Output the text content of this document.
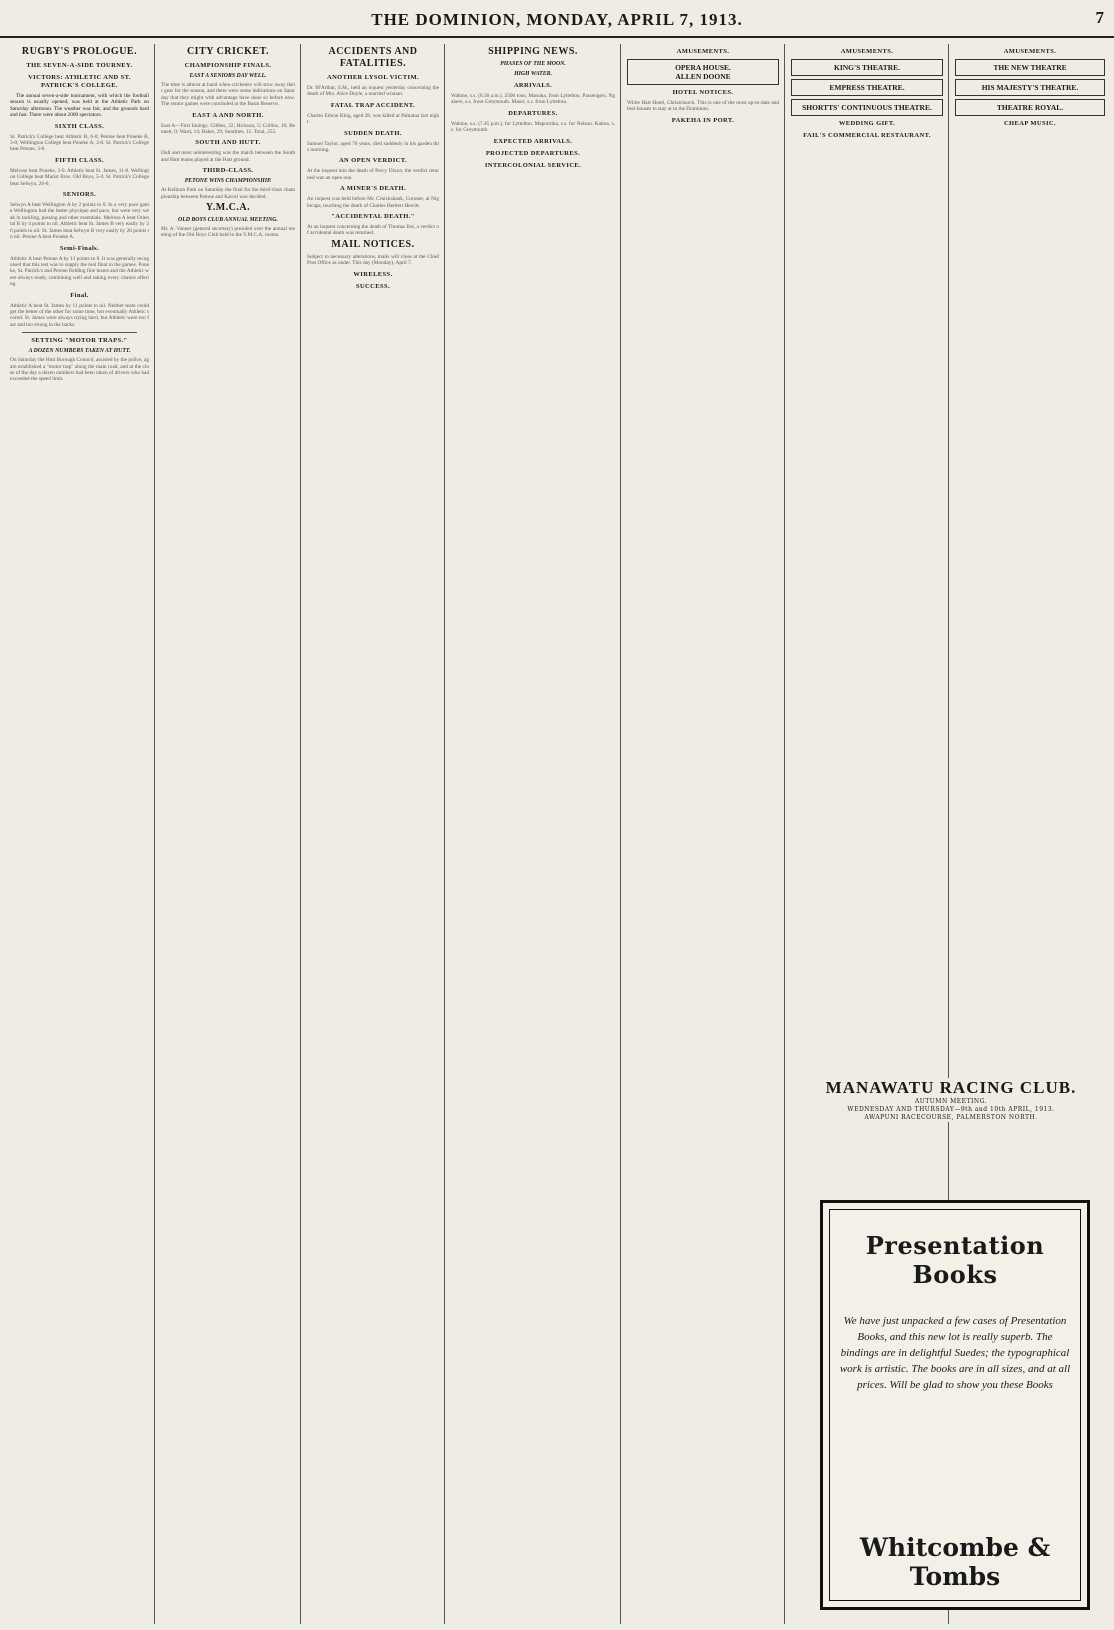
THE DOMINION, MONDAY, APRIL 7, 1913.	7
RUGBY'S PROLOGUE.
THE SEVEN-A-SIDE TOURNEY.
VICTORS: ATHLETIC AND ST. PATRICK'S COLLEGE.

The annual seven-a-side tournament, with which the football season is usually opened, was held at the Athletic Park on Saturday afternoon. The weather was fair, and the grounds hard and fast. There were about 2000 spectators.

SIXTH CLASS.
St. Patrick's College beat Athletic B, 6-0; Petone beat Poneke B, 3-0; Wellington College beat Poneke A, 3-0. St. Patrick's College beat Petone, 3-0.
FIFTH CLASS.
Melrose beat Poneke, 3-0. Athletic beat St. James, 11-0. Wellington College beat Marist Bros. Old Boys, 5-4. St. Patrick's College beat Selwyn, 26-0.
SENIORS.
Selwyn A beat Wellington A by 2 points to 0. In a very poor game Wellington had the better physique and pace, but were very weak in tackling, passing and other essentials. Melrose A beat Oriental B by 4 points to nil. Athletic beat St. James B very easily by 26 points to nil. St. James beat Selwyn B very easily by 26 points to nil. Petone A beat Poneke A.
Semi-Finals.
Athletic A beat Petone A by 11 points to 0. It was generally recognised that this test was to supply the real final in the games. Poneke, St. Patrick's and Petone fielding fine teams and the Athletic were always ready, combining well and taking every chance offering.
Final.
Athletic A beat St. James by 11 points to nil. Neither team could get the better of the other for some time, but eventually Athletic scored. St. James were always trying hard, but Athletic were too fast and too strong in the backs.
SETTING "MOTOR TRAPS."
A DOZEN NUMBERS TAKEN AT HUTT.
On Saturday the Hutt Borough Council, assisted by the police, again established a "motor trap" along the main road, and at the close of the day a dozen numbers had been taken of drivers who had exceeded the speed limit.
CITY CRICKET.
CHAMPIONSHIP FINALS.
EAST A SENIORS DAY WELL.
The time is almost at hand when cricketers will stow away their gear for the season, and there were some indications on Saturday that they might with advantage have done so before now. The senior games were concluded at the Basin Reserve.
EAST A AND NORTH.
East A—First Innings. Gibbes, 32; Hickson, 5; Collins, 18; Bennett, 0; Ward, 14; Baker, 29; Sundries, 11. Total, 255.
SOUTH AND HUTT.
Dull and most uninteresting was the match between the South and Hutt teams played at the Hutt ground.
THIRD-CLASS.
PETONE WINS CHAMPIONSHIP.
At Kelburn Park on Saturday the final for the third-class championship between Petone and Karori was decided.
Y.M.C.A.
OLD BOYS CLUB ANNUAL MEETING.
Mr. A. Vanner (general secretary) presided over the annual meeting of the Old Boys Club held in the Y.M.C.A. rooms.
ACCIDENTS AND FATALITIES.
ANOTHER LYSOL VICTIM.
Dr. M'Arthur, S.M., held an inquest yesterday concerning the death of Mrs. Alice Doyle, a married woman.
FATAL TRAP ACCIDENT.
Charles Edwin King, aged 28, was killed at Pahiatua last night.
SUDDEN DEATH.
Samuel Taylor, aged 70 years, died suddenly in his garden this morning.
AN OPEN VERDICT.
At the inquest into the death of Percy Dixon, the verdict returned was an open one.
A MINER'S DEATH.
An inquest was held before Mr. Cruickshank, Coroner, at Nightcaps, touching the death of Charles Herbert Hewitt.
"ACCIDENTAL DEATH."
At an inquest concerning the death of Thomas Ilot, a verdict of accidental death was returned.
MAIL NOTICES.
Subject to necessary alterations, mails will close at the Chief Post Office as under. This day (Monday), April 7.
WIRELESS.
SUCCESS.
SHIPPING NEWS.
PHASES OF THE MOON.
HIGH WATER.
ARRIVALS.
Wahine, s.s. (6.30 a.m.), 2500 tons, Manuka, from Lyttelton. Passengers. Ngahere, s.s. from Greymouth. Maori, s.s. from Lyttelton.
DEPARTURES.
Wahine, s.s. (7.45 p.m.), for Lyttelton. Mapourika, s.s. for Nelson. Kaitoa, s.s. for Greymouth.
EXPECTED ARRIVALS.
PROJECTED DEPARTURES.
INTERCOLONIAL SERVICE.
AMUSEMENTS.
OPERA HOUSE.
ALLEN DOONE
HOTEL NOTICES.
White Hart Hotel, Christchurch. This is one of the most up-to-date and best houses to stay at in the Dominion.
PAKEHA IN PORT.
AMUSEMENTS.
KING'S THEATRE.
EMPRESS THEATRE.
SHORTTS' CONTINUOUS THEATRE.
WEDDING GIFT.
FAIL'S COMMERCIAL RESTAURANT.
AMUSEMENTS.
THE NEW THEATRE
HIS MAJESTY'S THEATRE.
THEATRE ROYAL.
CHEAP MUSIC.
MANAWATU RACING CLUB.
AUTUMN MEETING.
WEDNESDAY AND THURSDAY—9th and 10th APRIL, 1913.
AWAPUNI RACECOURSE, PALMERSTON NORTH.
Presentation Books
We have just unpacked a few cases of Presentation Books, and this new lot is really superb. The bindings are in delightful Suedes; the typographical work is artistic. The books are in all sizes, and at all prices. Will be glad to show you these Books
Whitcombe & Tombs
